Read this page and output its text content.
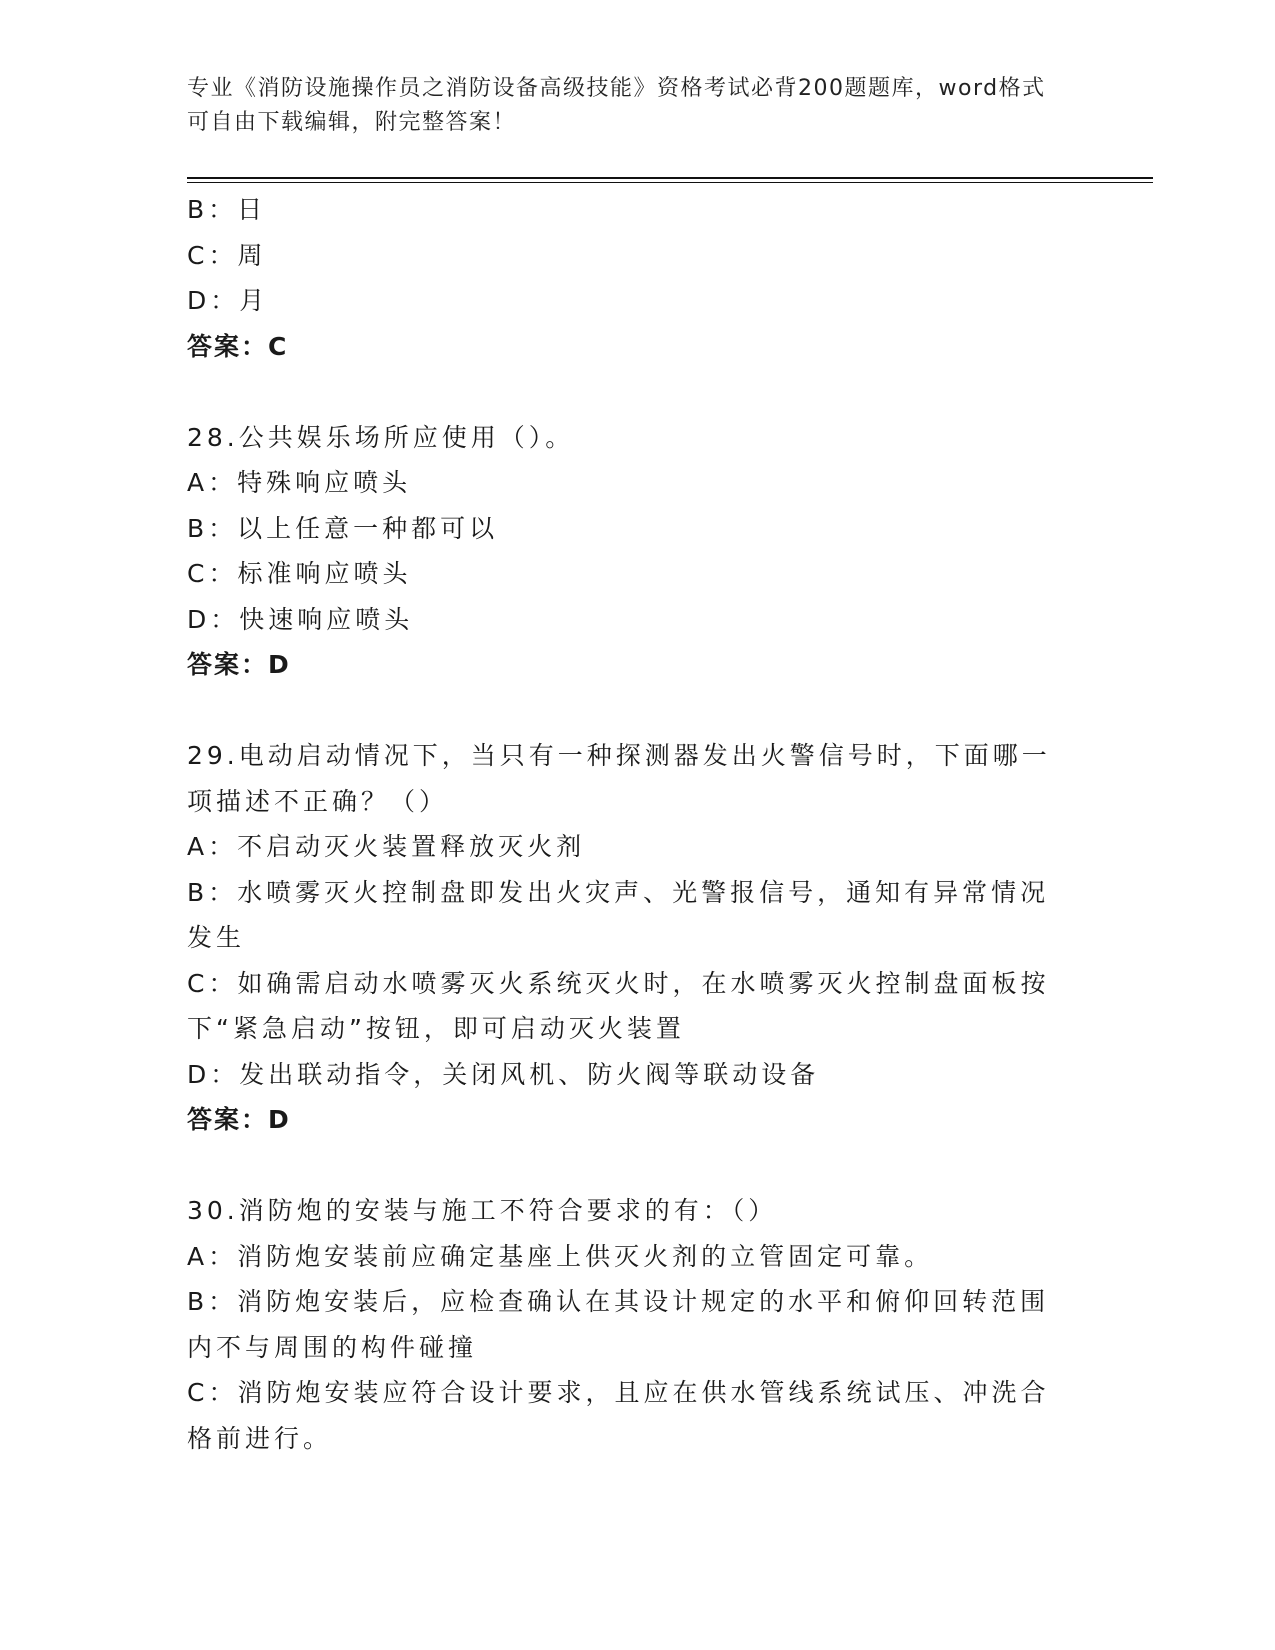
专业《消防设施操作员之消防设备高级技能》资格考试必背200题题库，word格式可自由下载编辑，附完整答案！
B：日
C：周
D：月
答案：C
28.公共娱乐场所应使用（）。
A：特殊响应喷头
B：以上任意一种都可以
C：标准响应喷头
D：快速响应喷头
答案：D
29.电动启动情况下，当只有一种探测器发出火警信号时，下面哪一项描述不正确？（）
A：不启动灭火装置释放灭火剂
B：水喷雾灭火控制盘即发出火灾声、光警报信号，通知有异常情况发生
C：如确需启动水喷雾灭火系统灭火时，在水喷雾灭火控制盘面板按下“紧急启动”按钮，即可启动灭火装置
D：发出联动指令，关闭风机、防火阀等联动设备
答案：D
30.消防炮的安装与施工不符合要求的有：（）
A：消防炮安装前应确定基座上供灭火剂的立管固定可靠。
B：消防炮安装后，应检查确认在其设计规定的水平和俯仰回转范围内不与周围的构件碰撞
C：消防炮安装应符合设计要求，且应在供水管线系统试压、冲洗合格前进行。
